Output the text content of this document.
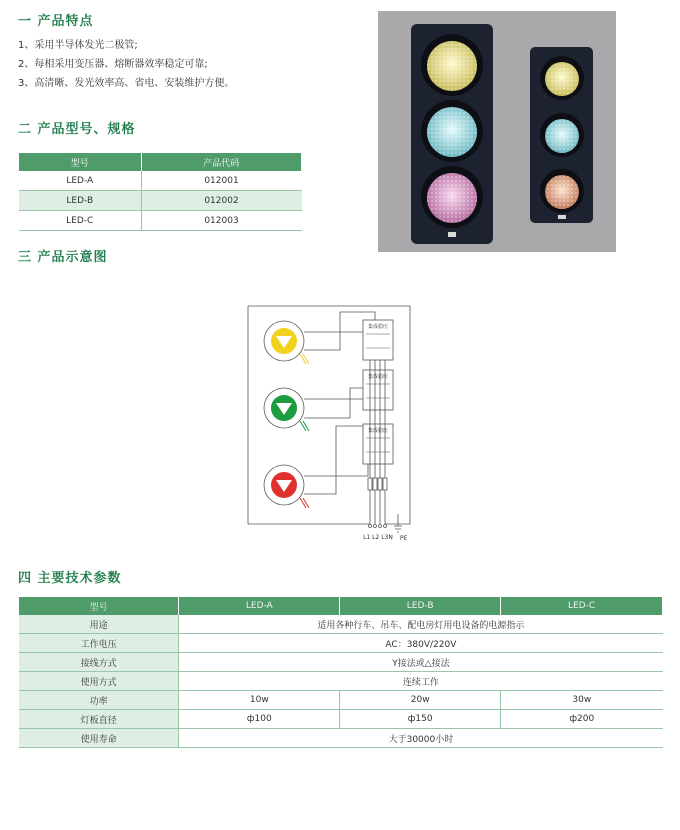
一 产品特点
1、采用半导体发光二极管;
2、每相采用变压器、熔断器效率稳定可靠;
3、高清晰、发光效率高、省电、安装维护方便。
二 产品型号、规格
型号	产品代码
LED-A	012001
LED-B	012002
LED-C	012003
三 产品示意图
集成稳压
集成稳压
集成稳压
L1 L2 L3N PE
四 主要技术参数
型号	LED-A	LED-B	LED-C
用途	适用各种行车、吊车、配电房灯用电设备的电源指示		
工作电压	AC：380V/220V		
接线方式	Y接法或△接法		
使用方式	连续工作		
功率	10w	20w	30w
灯板直径	ф100	ф150	ф200
使用寿命	大于30000小时		
